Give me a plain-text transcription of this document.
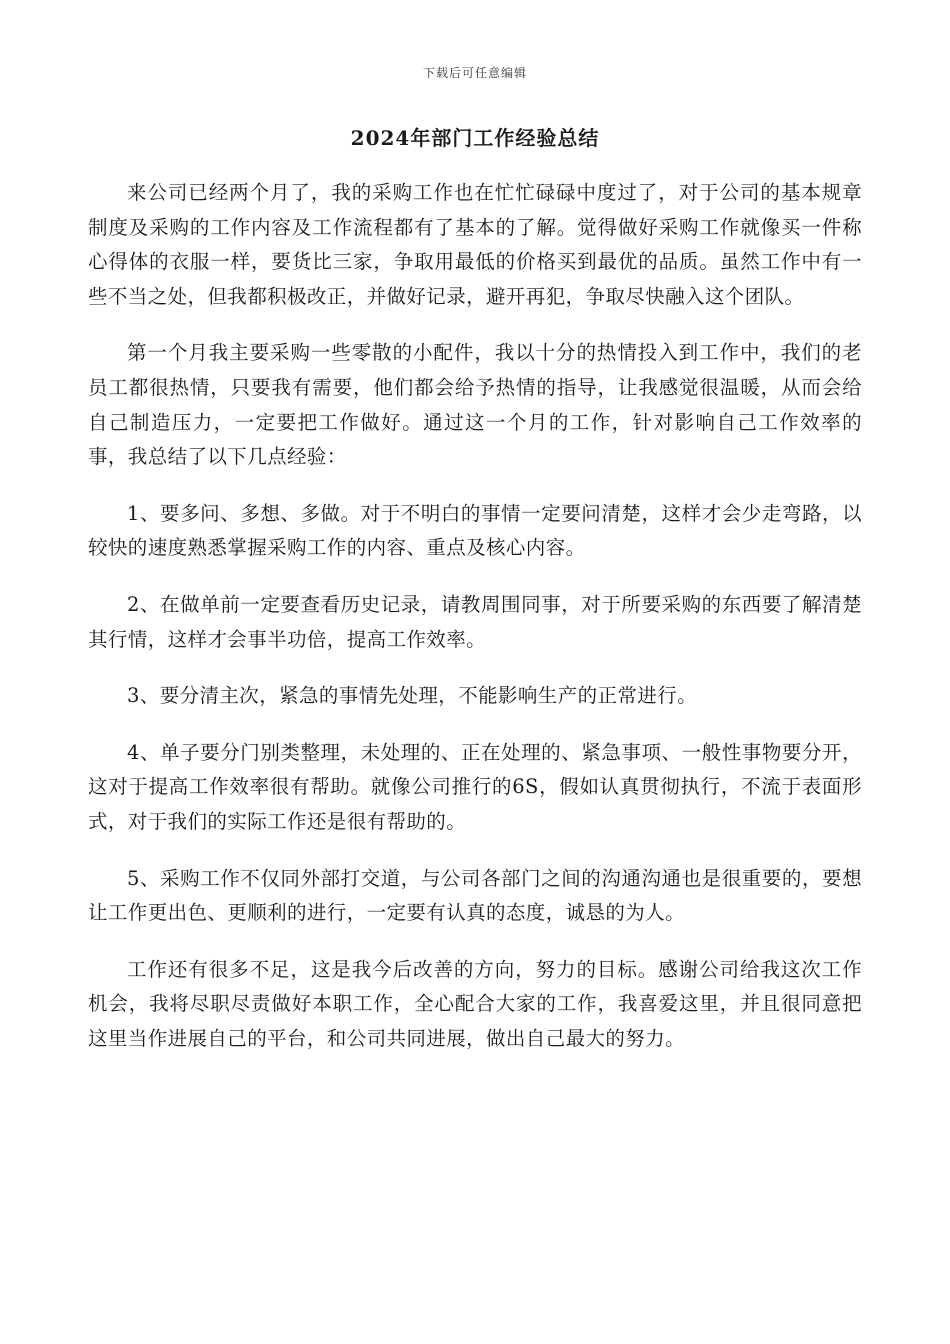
下载后可任意编辑
2024年部门工作经验总结

来公司已经两个月了，我的采购工作也在忙忙碌碌中度过了，对于公司的基本规章制度及采购的工作内容及工作流程都有了基本的了解。觉得做好采购工作就像买一件称心得体的衣服一样，要货比三家，争取用最低的价格买到最优的品质。虽然工作中有一些不当之处，但我都积极改正，并做好记录，避开再犯，争取尽快融入这个团队。

第一个月我主要采购一些零散的小配件，我以十分的热情投入到工作中，我们的老员工都很热情，只要我有需要，他们都会给予热情的指导，让我感觉很温暖，从而会给自己制造压力，一定要把工作做好。通过这一个月的工作，针对影响自己工作效率的事，我总结了以下几点经验：

1、要多问、多想、多做。对于不明白的事情一定要问清楚，这样才会少走弯路，以较快的速度熟悉掌握采购工作的内容、重点及核心内容。

2、在做单前一定要查看历史记录，请教周围同事，对于所要采购的东西要了解清楚其行情，这样才会事半功倍，提高工作效率。

3、要分清主次，紧急的事情先处理，不能影响生产的正常进行。

4、单子要分门别类整理，未处理的、正在处理的、紧急事项、一般性事物要分开，这对于提高工作效率很有帮助。就像公司推行的6S，假如认真贯彻执行，不流于表面形式，对于我们的实际工作还是很有帮助的。

5、采购工作不仅同外部打交道，与公司各部门之间的沟通沟通也是很重要的，要想让工作更出色、更顺利的进行，一定要有认真的态度，诚恳的为人。

工作还有很多不足，这是我今后改善的方向，努力的目标。感谢公司给我这次工作机会，我将尽职尽责做好本职工作，全心配合大家的工作，我喜爱这里，并且很同意把这里当作进展自己的平台，和公司共同进展，做出自己最大的努力。
